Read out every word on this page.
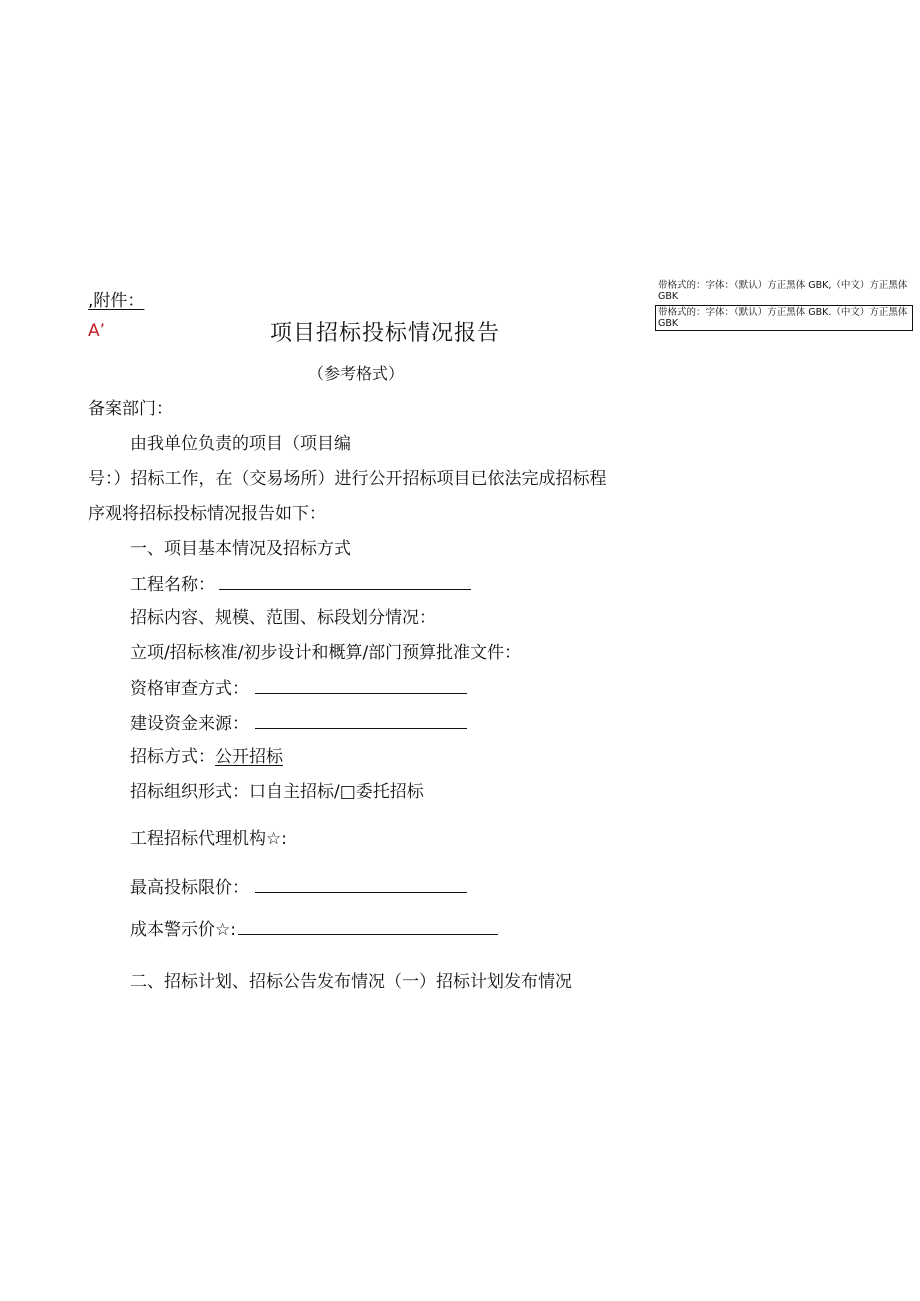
,附件：
A’
带格式的：字体：（默认）方正黑体 GBK,（中文）方正黑体 GBK
带格式的：字体：（默认）方正黑体 GBK.（中文）方正黑体 GBK
项目招标投标情况报告
（参考格式）
备案部门：
由我单位负责的项目（项目编
号：）招标工作，在（交易场所）进行公开招标项目已依法完成招标程
序观将招标投标情况报告如下：
一、项目基本情况及招标方式
工程名称：
招标内容、规模、范围、标段划分情况：
立项/招标核准/初步设计和概算/部门预算批准文件：
资格审查方式：
建设资金来源：
招标方式：公开招标
招标组织形式：口自主招标/□委托招标
工程招标代理机构☆:
最高投标限价：
成本警示价☆:
二、招标计划、招标公告发布情况（一）招标计划发布情况
